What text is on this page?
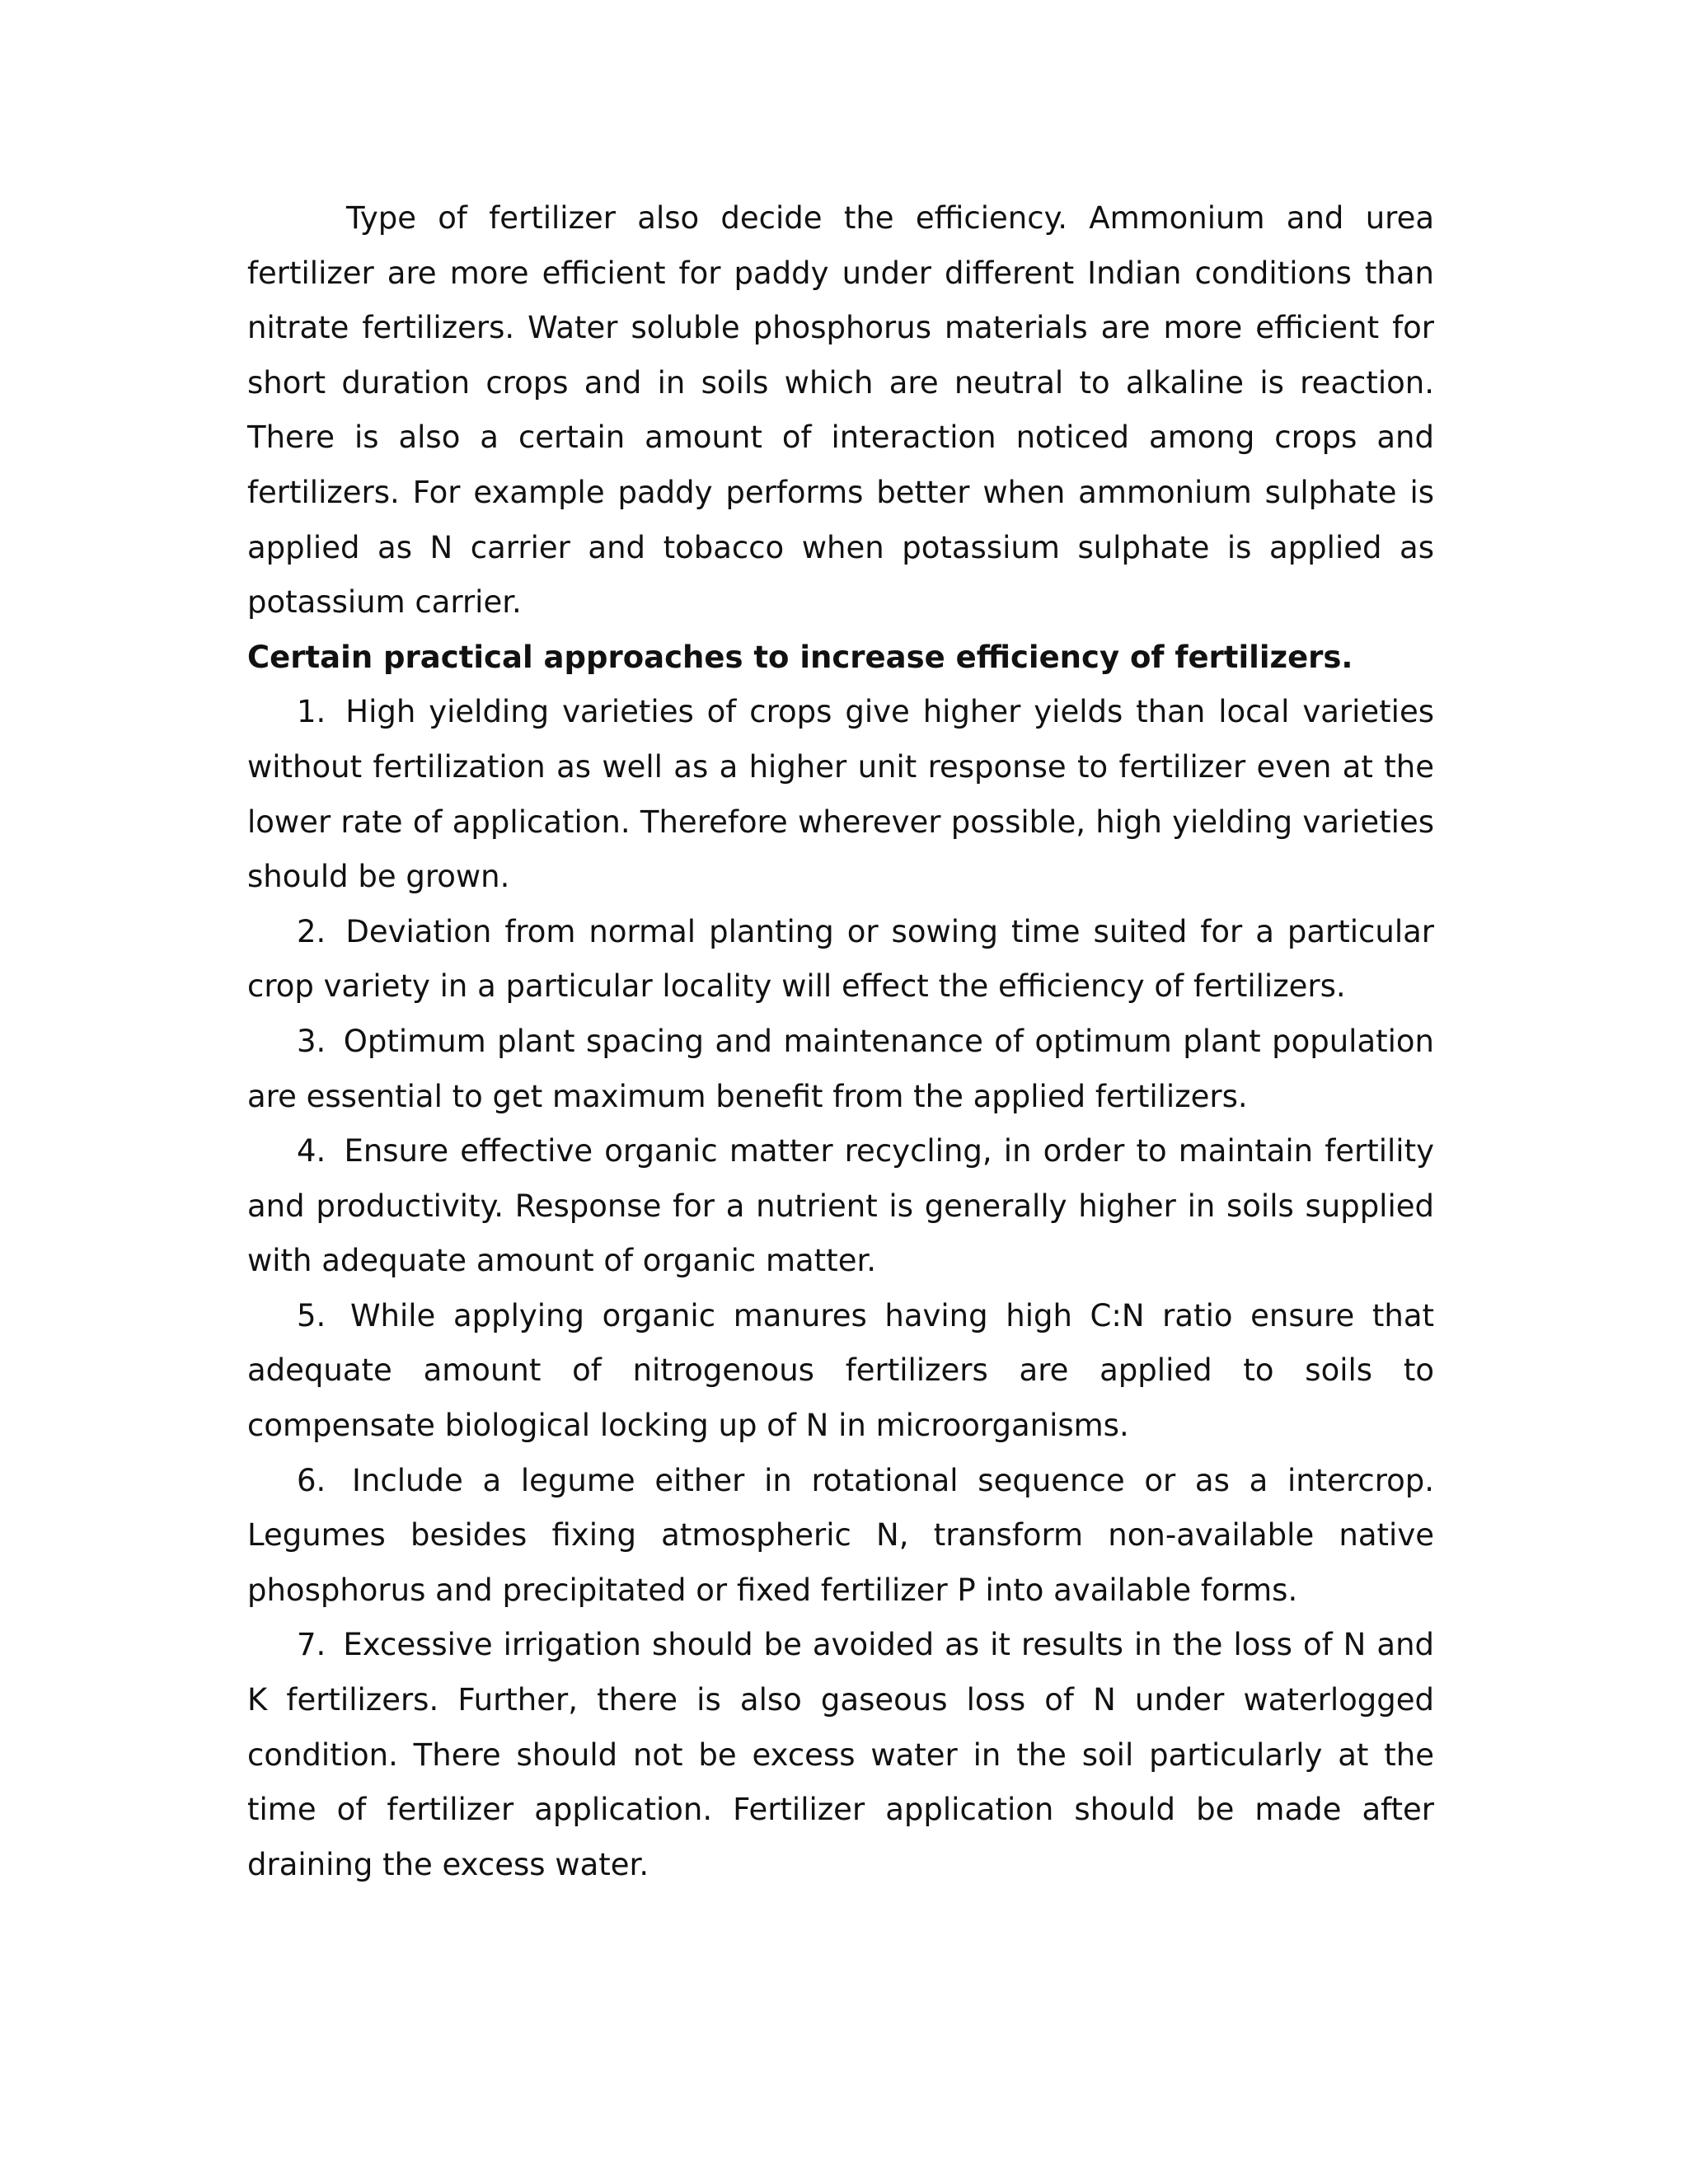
Type of fertilizer also decide the efficiency. Ammonium and urea fertilizer are more efficient for paddy under different Indian conditions than nitrate fertilizers. Water soluble phosphorus materials are more efficient for short duration crops and in soils which are neutral to alkaline is reaction. There is also a certain amount of interaction noticed among crops and fertilizers. For example paddy performs better when ammonium sulphate is applied as N carrier and tobacco when potassium sulphate is applied as potassium carrier.

Certain practical approaches to increase efficiency of fertilizers.

1. High yielding varieties of crops give higher yields than local varieties without fertilization as well as a higher unit response to fertilizer even at the lower rate of application. Therefore wherever possible, high yielding varieties should be grown.
2. Deviation from normal planting or sowing time suited for a particular crop variety in a particular locality will effect the efficiency of fertilizers.
3. Optimum plant spacing and maintenance of optimum plant population are essential to get maximum benefit from the applied fertilizers.
4. Ensure effective organic matter recycling, in order to maintain fertility and productivity. Response for a nutrient is generally higher in soils supplied with adequate amount of organic matter.
5. While applying organic manures having high C:N ratio ensure that adequate amount of nitrogenous fertilizers are applied to soils to compensate biological locking up of N in microorganisms.
6. Include a legume either in rotational sequence or as a intercrop. Legumes besides fixing atmospheric N, transform non-available native phosphorus and precipitated or fixed fertilizer P into available forms.
7. Excessive irrigation should be avoided as it results in the loss of N and K fertilizers. Further, there is also gaseous loss of N under waterlogged condition. There should not be excess water in the soil particularly at the time of fertilizer application. Fertilizer application should be made after draining the excess water.
